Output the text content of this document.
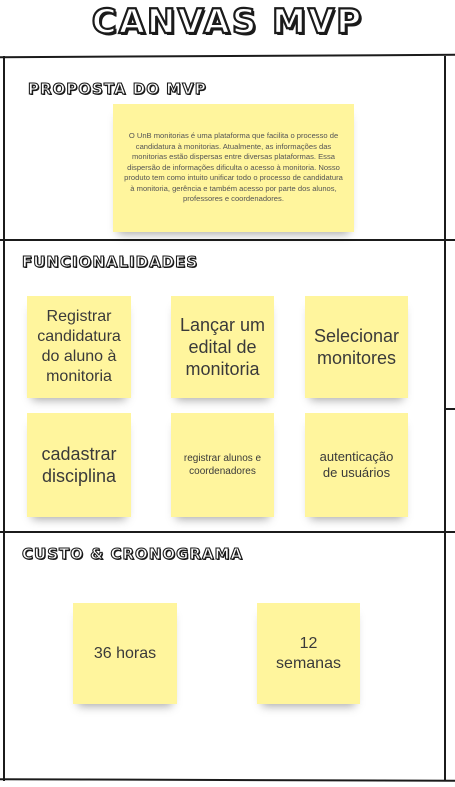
CANVAS MVP
PROPOSTA DO MVP
O UnB monitorias é uma plataforma que facilita o processo de candidatura à monitorias. Atualmente, as informações das monitorias estão dispersas entre diversas plataformas. Essa dispersão de informações dificulta o acesso à monitoria. Nosso produto tem como intuito unificar todo o processo de candidatura à monitoria, gerência e também acesso por parte dos alunos, professores e coordenadores.
FUNCIONALIDADES
Registrar candidatura do aluno à monitoria
Lançar um edital de monitoria
Selecionar monitores
cadastrar disciplina
registrar alunos e coordenadores
autenticação de usuários
CUSTO & CRONOGRAMA
36 horas
12 semanas
